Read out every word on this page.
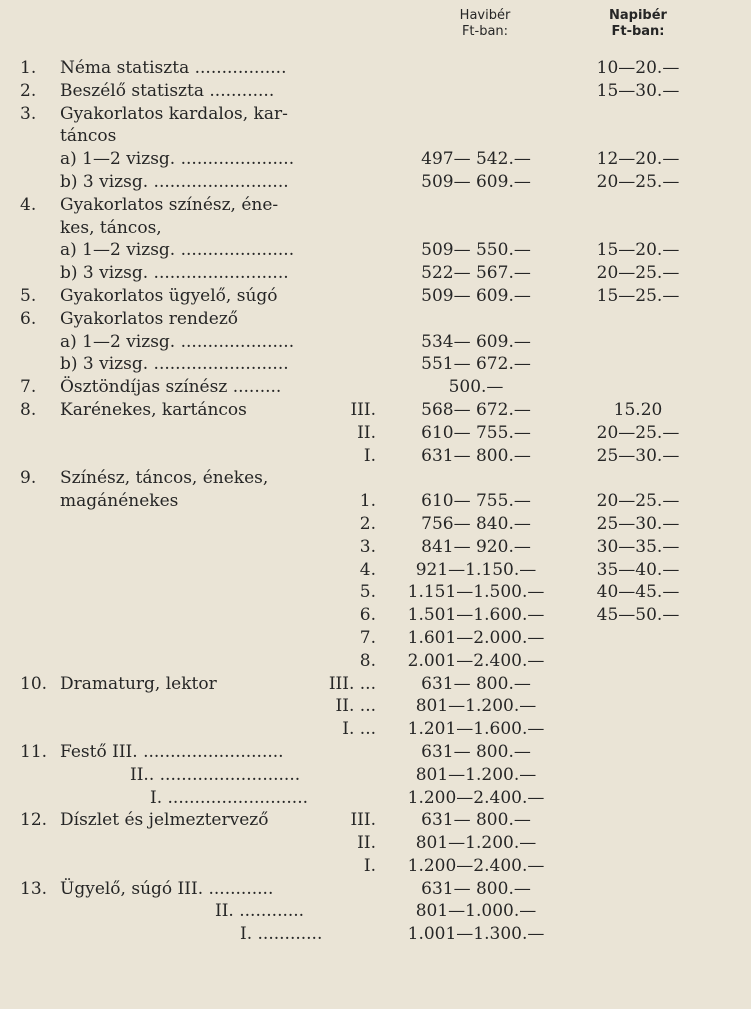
Havibér
Ft-ban:
Napibér
Ft-ban:
1.	Néma statiszta .................	10—20.—
2.	Beszélő statiszta ............	15—30.—
3.	Gyakorlatos kardalos, kar-
táncos
a) 1—2 vizsg. .....................	497— 542.—	12—20.—
b) 3 vizsg. .........................	509— 609.—	20—25.—
4.	Gyakorlatos színész, éne-
kes, táncos,
a) 1—2 vizsg. .....................	509— 550.—	15—20.—
b) 3 vizsg. .........................	522— 567.—	20—25.—
5.	Gyakorlatos ügyelő, súgó	509— 609.—	15—25.—
6.	Gyakorlatos rendező
a) 1—2 vizsg. .....................	534— 609.—
b) 3 vizsg. .........................	551— 672.—
7.	Ösztöndíjas színész .........	500.—
8.	Karénekes, kartáncos	III.	568— 672.—	15.20
II.	610— 755.—	20—25.—
I.	631— 800.—	25—30.—
9.	Színész, táncos, énekes,
magánénekes	1.	610— 755.—	20—25.—
2.	756— 840.—	25—30.—
3.	841— 920.—	30—35.—
4.	921—1.150.—	35—40.—
5.	1.151—1.500.—	40—45.—
6.	1.501—1.600.—	45—50.—
7.	1.601—2.000.—
8.	2.001—2.400.—
10. Dramaturg, lektor	III. ...	631— 800.—
II. ...	801—1.200.—
I. ...	1.201—1.600.—
11. Festő III. ..........................	631— 800.—
II.. ..........................	801—1.200.—
I. ..........................	1.200—2.400.—
12. Díszlet és jelmeztervező	III.	631— 800.—
II.	801—1.200.—
I.	1.200—2.400.—
13. Ügyelő, súgó III. ............	631— 800.—
II. ............	801—1.000.—
I. ............	1.001—1.300.—
